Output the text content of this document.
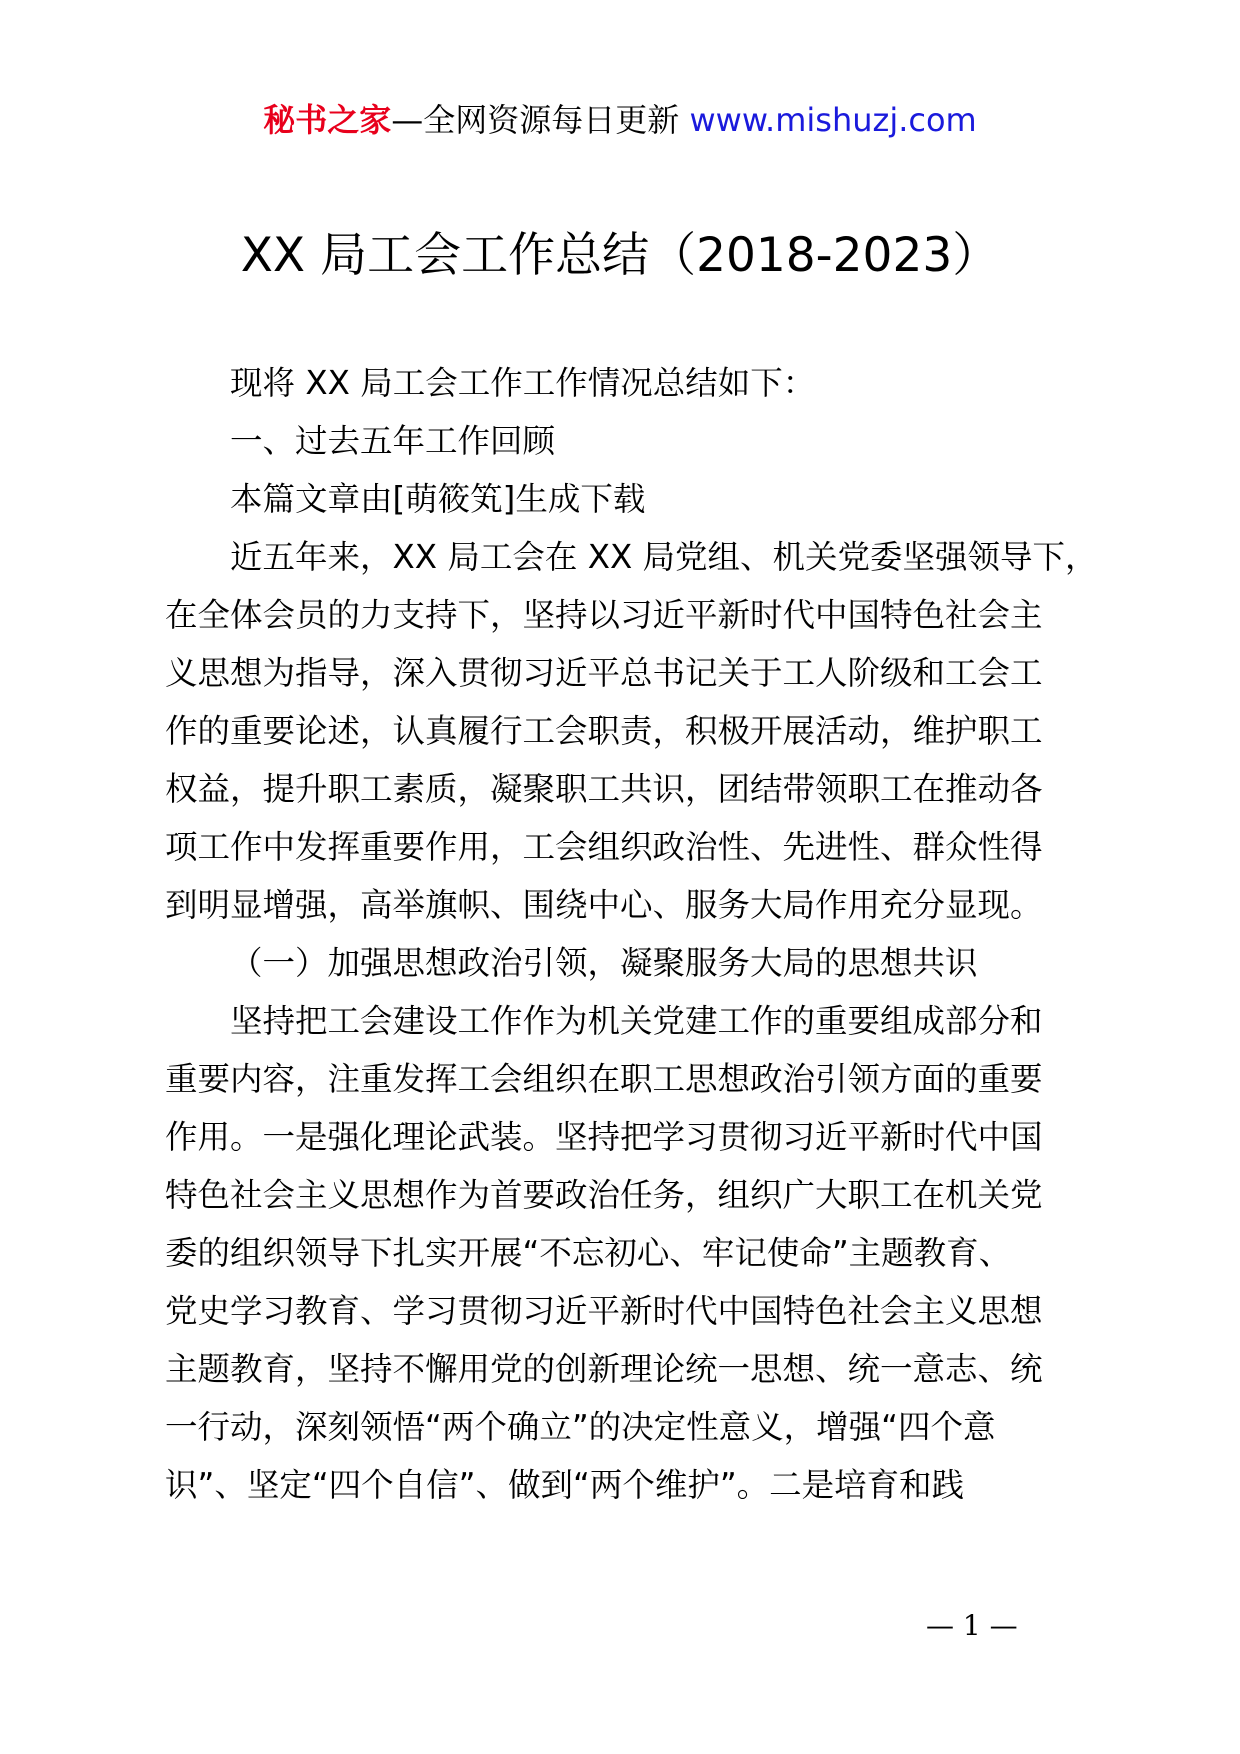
秘书之家—全网资源每日更新 www.mishuzj.com
XX 局工会工作总结（2018-2023）

现将 XX 局工会工作工作情况总结如下：

一、过去五年工作回顾

本篇文章由[萌筱笂]生成下载

近五年来，XX 局工会在 XX 局党组、机关党委坚强领导下，

在全体会员的力支持下，坚持以习近平新时代中国特色社会主

义思想为指导，深入贯彻习近平总书记关于工人阶级和工会工

作的重要论述，认真履行工会职责，积极开展活动，维护职工

权益，提升职工素质，凝聚职工共识，团结带领职工在推动各

项工作中发挥重要作用，工会组织政治性、先进性、群众性得

到明显增强，高举旗帜、围绕中心、服务大局作用充分显现。

（一）加强思想政治引领，凝聚服务大局的思想共识

坚持把工会建设工作作为机关党建工作的重要组成部分和

重要内容，注重发挥工会组织在职工思想政治引领方面的重要

作用。一是强化理论武装。坚持把学习贯彻习近平新时代中国

特色社会主义思想作为首要政治任务，组织广大职工在机关党

委的组织领导下扎实开展“不忘初心、牢记使命”主题教育、

党史学习教育、学习贯彻习近平新时代中国特色社会主义思想

主题教育，坚持不懈用党的创新理论统一思想、统一意志、统

一行动，深刻领悟“两个确立”的决定性意义，增强“四个意

识”、坚定“四个自信”、做到“两个维护”。二是培育和践

— 1 —
